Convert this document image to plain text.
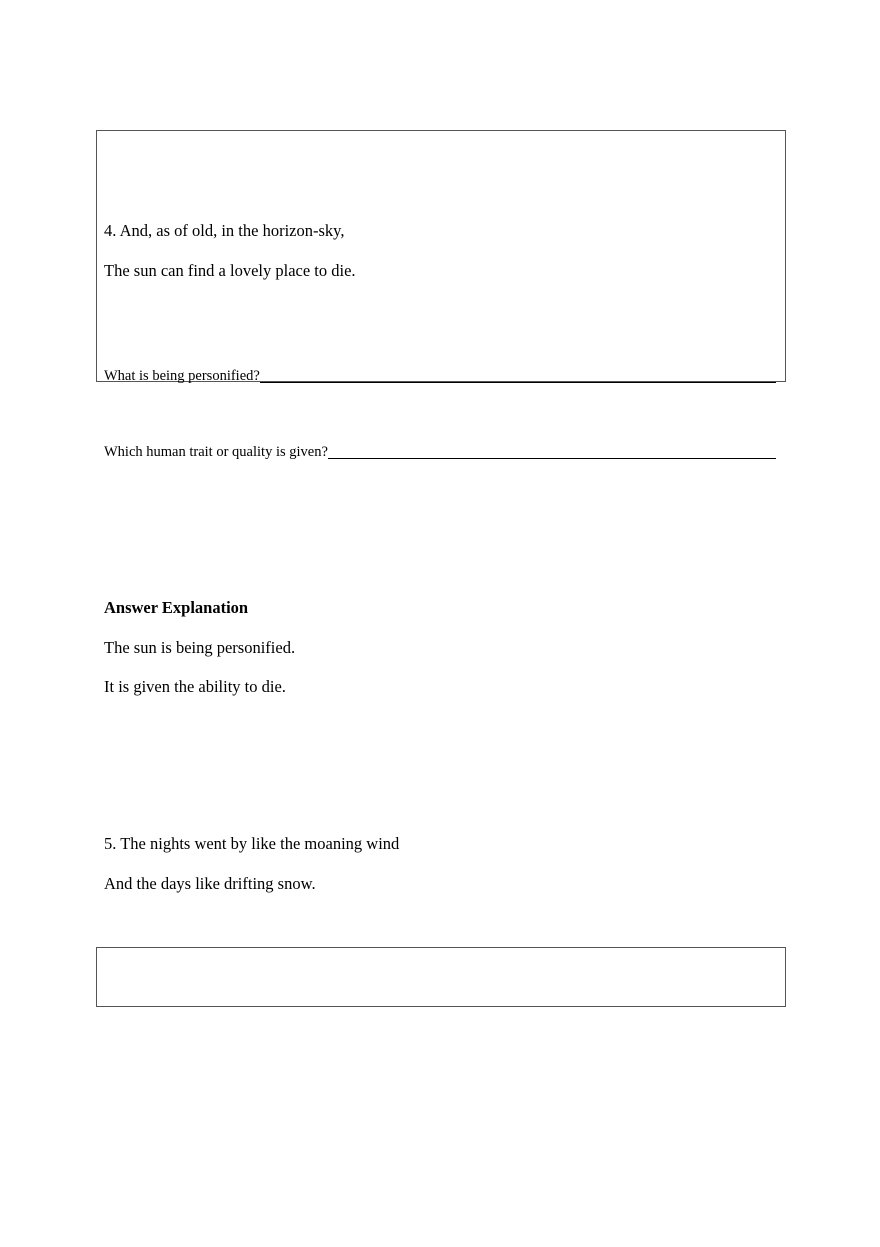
4. And, as of old, in the horizon-sky,
The sun can find a lovely place to die.
What is being personified?
Which human trait or quality is given?
Answer Explanation
The sun is being personified.
It is given the ability to die.
5. The nights went by like the moaning wind
And the days like drifting snow.
